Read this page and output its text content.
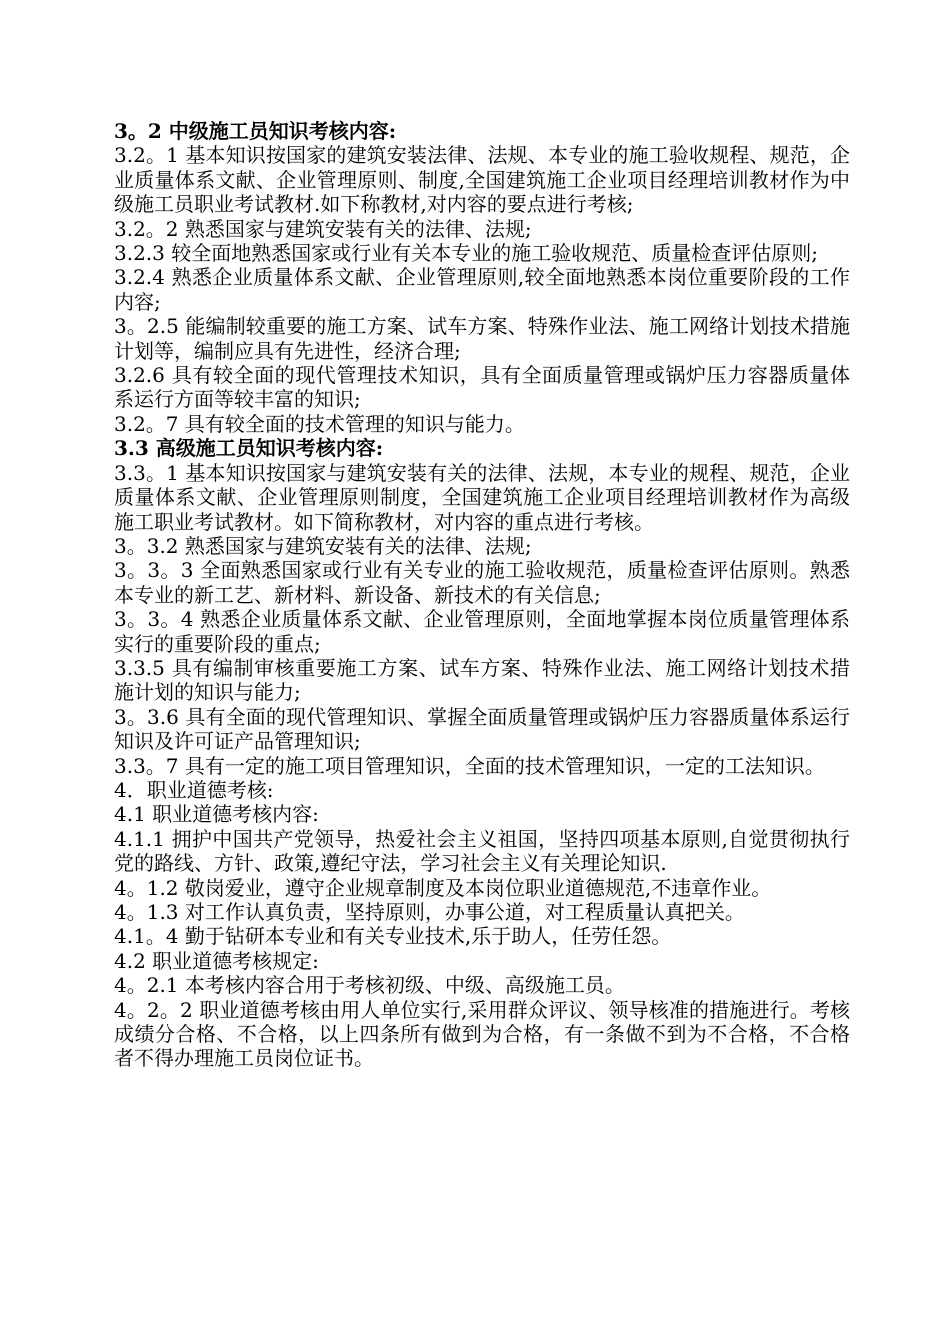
3。2 中级施工员知识考核内容:

3.2。1 基本知识按国家的建筑安装法律、法规、本专业的施工验收规程、规范，企业质量体系文献、企业管理原则、制度,全国建筑施工企业项目经理培训教材作为中级施工员职业考试教材.如下称教材,对内容的要点进行考核;

3.2。2 熟悉国家与建筑安装有关的法律、法规;

3.2.3 较全面地熟悉国家或行业有关本专业的施工验收规范、质量检查评估原则;

3.2.4 熟悉企业质量体系文献、企业管理原则,较全面地熟悉本岗位重要阶段的工作内容;

3。2.5 能编制较重要的施工方案、试车方案、特殊作业法、施工网络计划技术措施计划等，编制应具有先进性，经济合理;

3.2.6 具有较全面的现代管理技术知识，具有全面质量管理或锅炉压力容器质量体系运行方面等较丰富的知识;

3.2。7 具有较全面的技术管理的知识与能力。

3.3 高级施工员知识考核内容:

3.3。1 基本知识按国家与建筑安装有关的法律、法规，本专业的规程、规范，企业质量体系文献、企业管理原则制度，全国建筑施工企业项目经理培训教材作为高级施工职业考试教材。如下简称教材，对内容的重点进行考核。

3。3.2 熟悉国家与建筑安装有关的法律、法规;

3。3。3 全面熟悉国家或行业有关专业的施工验收规范，质量检查评估原则。熟悉本专业的新工艺、新材料、新设备、新技术的有关信息;

3。3。4 熟悉企业质量体系文献、企业管理原则，全面地掌握本岗位质量管理体系实行的重要阶段的重点;

3.3.5 具有编制审核重要施工方案、试车方案、特殊作业法、施工网络计划技术措施计划的知识与能力;

3。3.6 具有全面的现代管理知识、掌握全面质量管理或锅炉压力容器质量体系运行知识及许可证产品管理知识;

3.3。7 具有一定的施工项目管理知识，全面的技术管理知识，一定的工法知识。

4．职业道德考核:

4.1 职业道德考核内容:

4.1.1 拥护中国共产党领导，热爱社会主义祖国，坚持四项基本原则,自觉贯彻执行党的路线、方针、政策,遵纪守法，学习社会主义有关理论知识.

4。1.2 敬岗爱业，遵守企业规章制度及本岗位职业道德规范,不违章作业。

4。1.3 对工作认真负责，坚持原则，办事公道，对工程质量认真把关。

4.1。4 勤于钻研本专业和有关专业技术,乐于助人，任劳任怨。

4.2 职业道德考核规定:

4。2.1 本考核内容合用于考核初级、中级、高级施工员。

4。2。2 职业道德考核由用人单位实行,采用群众评议、领导核准的措施进行。考核成绩分合格、不合格，以上四条所有做到为合格，有一条做不到为不合格，不合格者不得办理施工员岗位证书。
